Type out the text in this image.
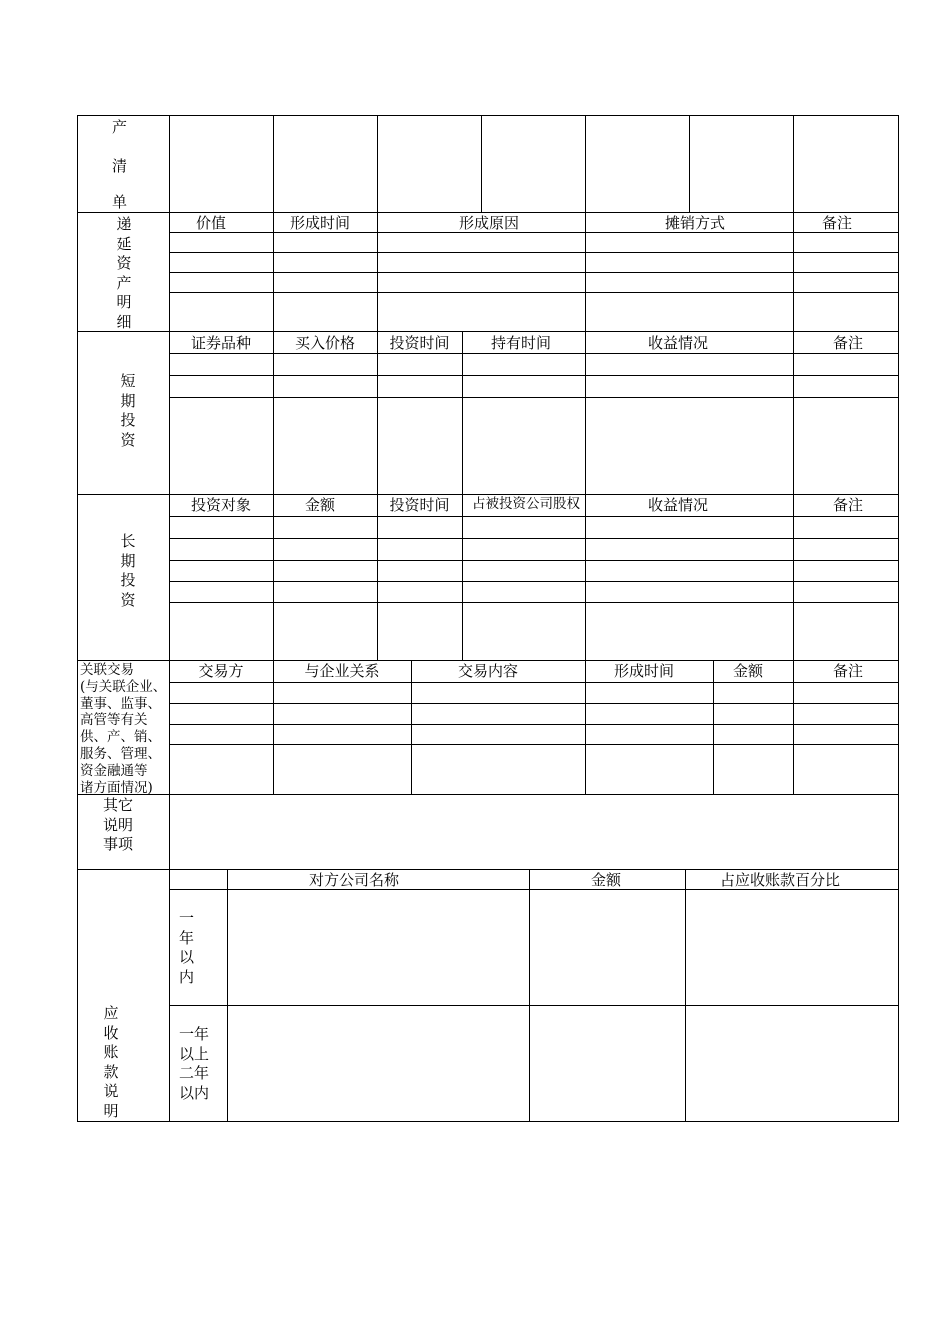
产
清
单
递
延
资
产
明
细
价值	形成时间	形成原因	摊销方式	备注
短
期
投
资
证券品种	买入价格	投资时间	持有时间	收益情况	备注
长
期
投
资
投资对象	金额	投资时间	占被投资公司股权	收益情况	备注
关联交易
(与关联企业、
董事、监事、
高管等有关
供、产、销、
服务、管理、
资金融通等
诸方面情况)
交易方	与企业关系	交易内容	形成时间	金额	备注
其它
说明
事项
应
收
账
款
说
明
对方公司名称	金额	占应收账款百分比
一
年
以
内
一年
以上
二年
以内
